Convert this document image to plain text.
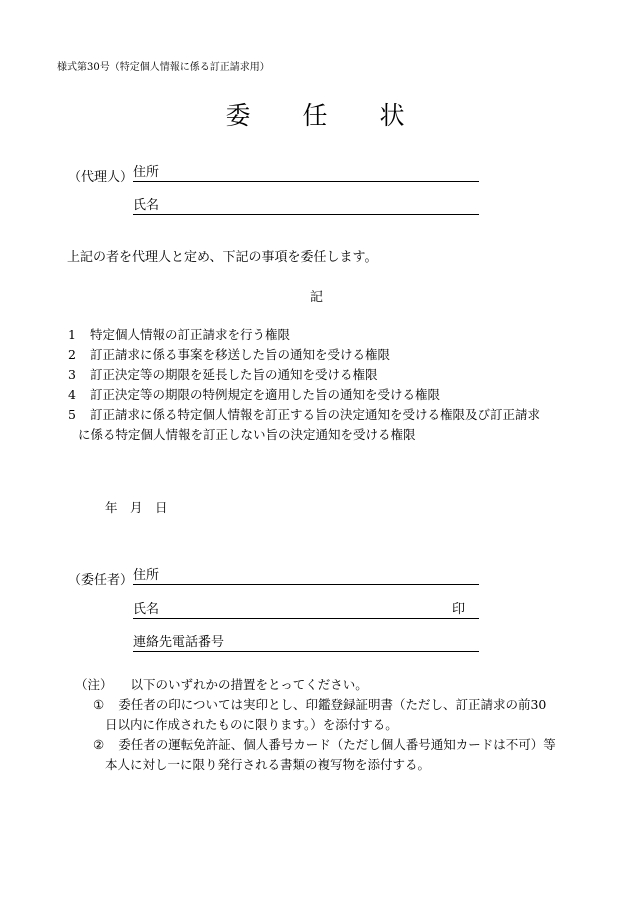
様式第30号（特定個人情報に係る訂正請求用）
委 任 状
（代理人） 住所
氏名
上記の者を代理人と定め、下記の事項を委任します。
記
1 特定個人情報の訂正請求を行う権限
2 訂正請求に係る事案を移送した旨の通知を受ける権限
3 訂正決定等の期限を延長した旨の通知を受ける権限
4 訂正決定等の期限の特例規定を適用した旨の通知を受ける権限
5 訂正請求に係る特定個人情報を訂正する旨の決定通知を受ける権限及び訂正請求
に係る特定個人情報を訂正しない旨の決定通知を受ける権限
年　月　日
（委任者） 住所
氏名	印
連絡先電話番号
（注） 以下のいずれかの措置をとってください。
① 委任者の印については実印とし、印鑑登録証明書（ただし、訂正請求の前30
日以内に作成されたものに限ります。）を添付する。
② 委任者の運転免許証、個人番号カード（ただし個人番号通知カードは不可）等
本人に対し一に限り発行される書類の複写物を添付する。
